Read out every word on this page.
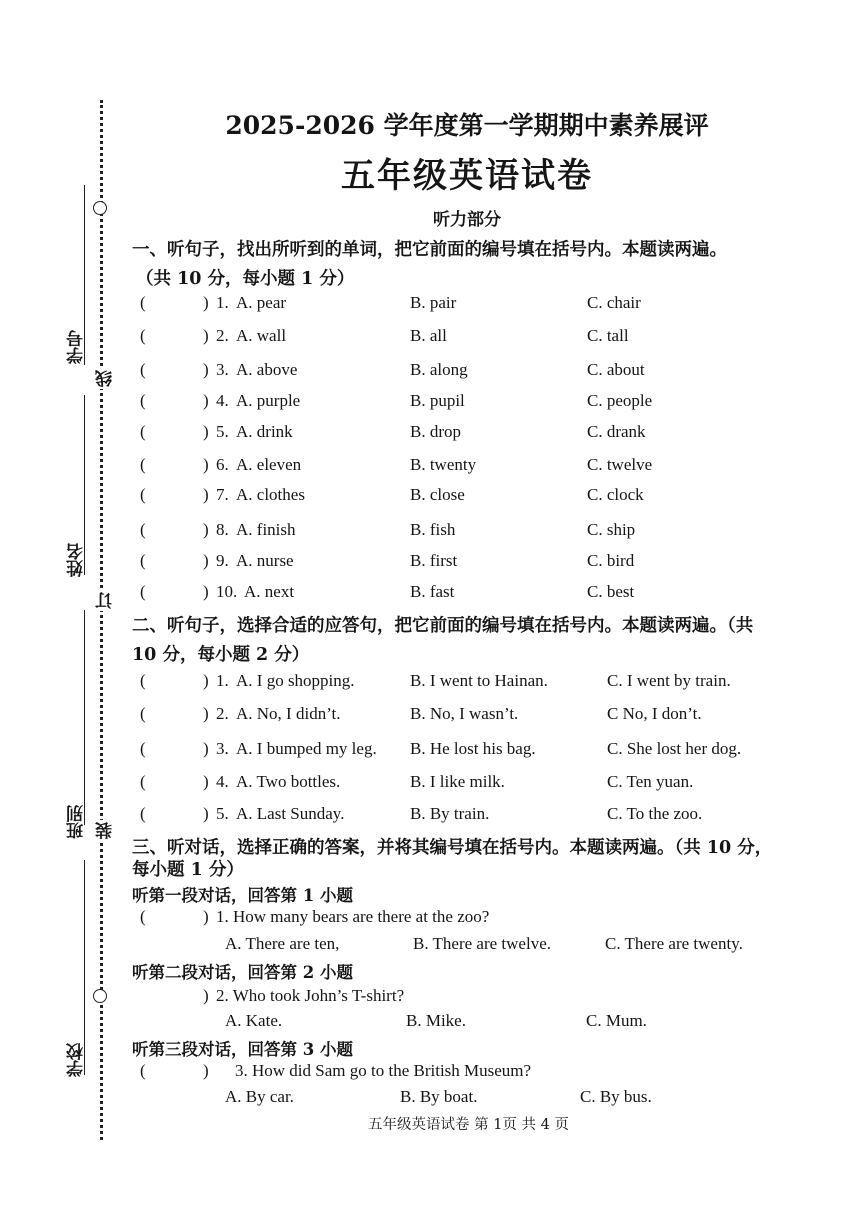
学号
姓名
班别
学校
线
订
装
2025-2026 学年度第一学期期中素养展评
五年级英语试卷
听力部分
一、听句子，找出所听到的单词，把它前面的编号填在括号内。本题读两遍。
（共 10 分，每小题 1 分）
(	) 1. A. pear	B. pair	C. chair
(	) 2. A. wall	B. all	C. tall
(	) 3. A. above	B. along	C. about
(	) 4. A. purple	B. pupil	C. people
(	) 5. A. drink	B. drop	C. drank
(	) 6. A. eleven	B. twenty	C. twelve
(	) 7. A. clothes	B. close	C. clock
(	) 8. A. finish	B. fish	C. ship
(	) 9. A. nurse	B. first	C. bird
(	) 10. A. next	B. fast	C. best
(	) 1. A. I go shopping.	B. I went to Hainan.	C. I went by train.
(	) 2. A. No, I didn’t.	B. No, I wasn’t.	C No, I don’t.
(	) 3. A. I bumped my leg. B. He lost his bag.	C. She lost her dog.
(	) 4. A. Two bottles.	B. I like milk.	C. Ten yuan.
(	) 5. A. Last Sunday.	B. By train.	C. To the zoo.
三、听对话，选择正确的答案，并将其编号填在括号内。本题读两遍。（共 10 分，
每小题 1 分）
二、听句子，选择合适的应答句，把它前面的编号填在括号内。本题读两遍。（共
10 分，每小题 2 分）
听第一段对话，回答第 1 小题
(	) 1. How many bears are there at the zoo?
A. There are ten,	B. There are twelve.	C. There are twenty.
听第二段对话，回答第 2 小题
) 2. Who took John’s T-shirt?
A. Kate.	B. Mike.	C. Mum.
听第三段对话，回答第 3 小题
(	) 3. How did Sam go to the British Museum?
A. By car.	B. By boat.	C. By bus.
五年级英语试卷 第 1页 共 4 页
